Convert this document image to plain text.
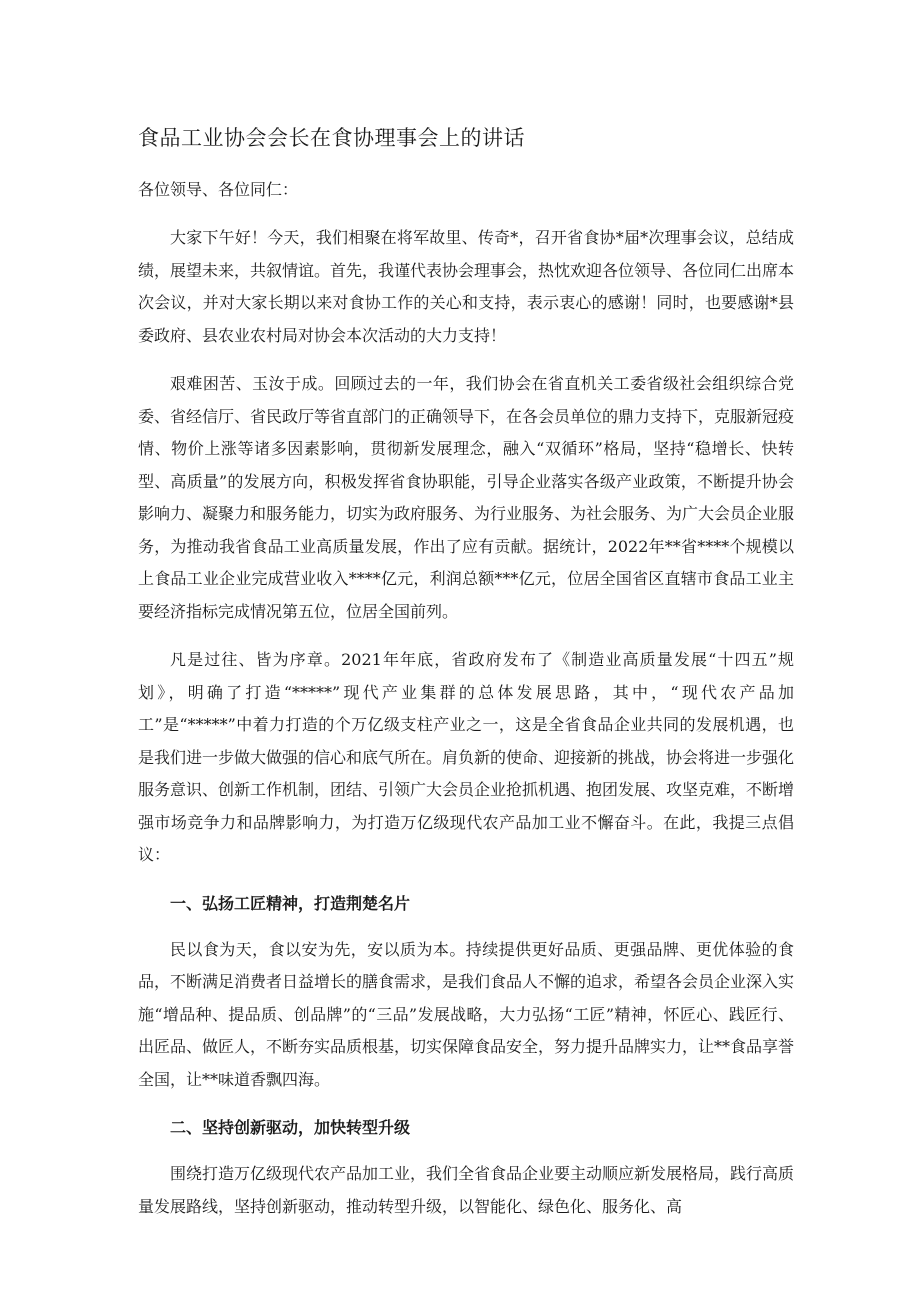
食品工业协会会长在食协理事会上的讲话

各位领导、各位同仁：

大家下午好！今天，我们相聚在将军故里、传奇*，召开省食协*届*次理事会议，总结成绩，展望未来，共叙情谊。首先，我谨代表协会理事会，热忱欢迎各位领导、各位同仁出席本次会议，并对大家长期以来对食协工作的关心和支持，表示衷心的感谢！同时，也要感谢*县委政府、县农业农村局对协会本次活动的大力支持！

艰难困苦、玉汝于成。回顾过去的一年，我们协会在省直机关工委省级社会组织综合党委、省经信厅、省民政厅等省直部门的正确领导下，在各会员单位的鼎力支持下，克服新冠疫情、物价上涨等诸多因素影响，贯彻新发展理念，融入“双循环”格局，坚持“稳增长、快转型、高质量”的发展方向，积极发挥省食协职能，引导企业落实各级产业政策，不断提升协会影响力、凝聚力和服务能力，切实为政府服务、为行业服务、为社会服务、为广大会员企业服务，为推动我省食品工业高质量发展，作出了应有贡献。据统计，2022年**省****个规模以上食品工业企业完成营业收入****亿元，利润总额***亿元，位居全国省区直辖市食品工业主要经济指标完成情况第五位，位居全国前列。

凡是过往、皆为序章。2021年年底，省政府发布了《制造业高质量发展“十四五”规划》，明确了打造“*****”现代产业集群的总体发展思路，其中，“现代农产品加工”是“*****”中着力打造的个万亿级支柱产业之一，这是全省食品企业共同的发展机遇，也是我们进一步做大做强的信心和底气所在。肩负新的使命、迎接新的挑战，协会将进一步强化服务意识、创新工作机制，团结、引领广大会员企业抢抓机遇、抱团发展、攻坚克难，不断增强市场竞争力和品牌影响力，为打造万亿级现代农产品加工业不懈奋斗。在此，我提三点倡议：

一、弘扬工匠精神，打造荆楚名片

民以食为天，食以安为先，安以质为本。持续提供更好品质、更强品牌、更优体验的食品，不断满足消费者日益增长的膳食需求，是我们食品人不懈的追求，希望各会员企业深入实施“增品种、提品质、创品牌”的“三品”发展战略，大力弘扬“工匠”精神，怀匠心、践匠行、出匠品、做匠人，不断夯实品质根基，切实保障食品安全，努力提升品牌实力，让**食品享誉全国，让**味道香飘四海。

二、坚持创新驱动，加快转型升级

围绕打造万亿级现代农产品加工业，我们全省食品企业要主动顺应新发展格局，践行高质量发展路线，坚持创新驱动，推动转型升级，以智能化、绿色化、服务化、高
